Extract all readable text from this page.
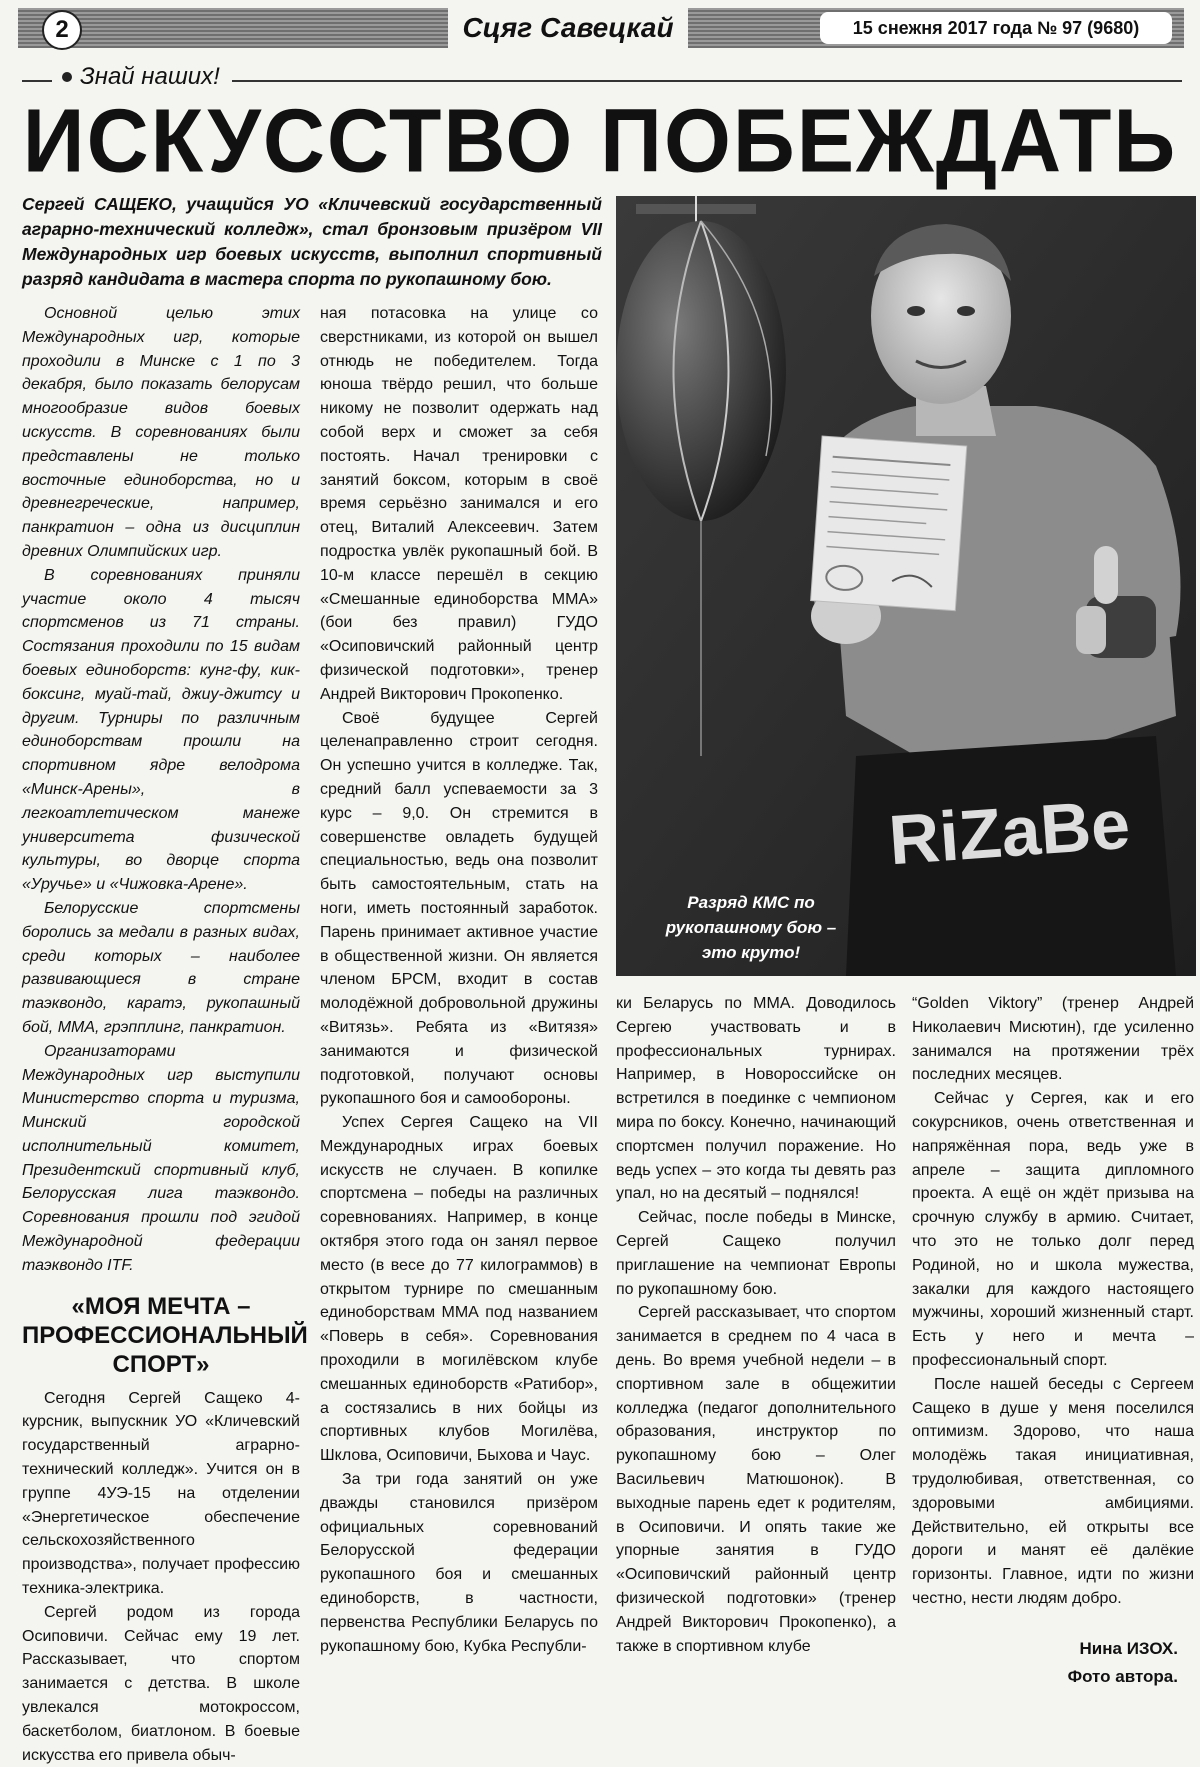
2	Сцяг Савецкай	15 снежня 2017 года № 97 (9680)
Знай наших!
ИСКУССТВО ПОБЕЖДАТЬ
Сергей САЩЕКО, учащийся УО «Кличевский государственный аграрно-технический колледж», стал бронзовым призёром VII Международных игр боевых искусств, выполнил спортивный разряд кандидата в мастера спорта по рукопашному бою.

Основной целью этих Международных игр, которые проходили в Минске с 1 по 3 декабря, было показать белорусам многообразие видов боевых искусств. В соревнованиях были представлены не только восточные единоборства, но и древнегреческие, например, панкратион – одна из дисциплин древних Олимпийских игр.

В соревнованиях приняли участие около 4 тысяч спортсменов из 71 страны. Состязания проходили по 15 видам боевых единоборств: кунг-фу, кик-боксинг, муай-тай, джиу-джитсу и другим. Турниры по различным единоборствам прошли на спортивном ядре велодрома «Минск-Арены», в легкоатлетическом манеже университета физической культуры, во дворце спорта «Уручье» и «Чижовка-Арене».

Белорусские спортсмены боролись за медали в разных видах, среди которых – наиболее развивающиеся в стране таэквондо, каратэ, рукопашный бой, ММА, грэпплинг, панкратион.

Организаторами Международных игр выступили Министерство спорта и туризма, Минский городской исполнительный комитет, Президентский спортивный клуб, Белорусская лига таэквондо. Соревнования прошли под эгидой Международной федерации таэквондо ITF.

«МОЯ МЕЧТА – ПРОФЕССИОНАЛЬНЫЙ СПОРТ»

Сегодня Сергей Сащеко 4-курсник, выпускник УО «Кличевский государственный аграрно-технический колледж». Учится он в группе 4УЭ-15 на отделении «Энергетическое обеспечение сельскохозяйственного производства», получает профессию техника-электрика.

Сергей родом из города Осиповичи. Сейчас ему 19 лет. Рассказывает, что спортом занимается с детства. В школе увлекался мотокроссом, баскетболом, биатлоном. В боевые искусства его привела обыч-

ная потасовка на улице со сверстниками, из которой он вышел отнюдь не победителем. Тогда юноша твёрдо решил, что больше никому не позволит одержать над собой верх и сможет за себя постоять. Начал тренировки с занятий боксом, которым в своё время серьёзно занимался и его отец, Виталий Алексеевич. Затем подростка увлёк рукопашный бой. В 10-м классе перешёл в секцию «Смешанные единоборства ММА» (бои без правил) ГУДО «Осиповичский районный центр физической подготовки», тренер Андрей Викторович Прокопенко.

Своё будущее Сергей целенаправленно строит сегодня. Он успешно учится в колледже. Так, средний балл успеваемости за 3 курс – 9,0. Он стремится в совершенстве овладеть будущей специальностью, ведь она позволит быть самостоятельным, стать на ноги, иметь постоянный заработок. Парень принимает активное участие в общественной жизни. Он является членом БРСМ, входит в состав молодёжной добровольной дружины «Витязь». Ребята из «Витязя» занимаются и физической подготовкой, получают основы рукопашного боя и самообороны.

Успех Сергея Сащеко на VII Международных играх боевых искусств не случаен. В копилке спортсмена – победы на различных соревнованиях. Например, в конце октября этого года он занял первое место (в весе до 77 килограммов) в открытом турнире по смешанным единоборствам ММА под названием «Поверь в себя». Соревнования проходили в могилёвском клубе смешанных единоборств «Ратибор», а состязались в них бойцы из спортивных клубов Могилёва, Шклова, Осиповичи, Быхова и Чаус.

За три года занятий он уже дважды становился призёром официальных соревнований Белорусской федерации рукопашного боя и смешанных единоборств, в частности, первенства Республики Беларусь по рукопашному бою, Кубка Республи-

RiZaBe
Разряд КМС по рукопашному бою – это круто!

ки Беларусь по ММА. Доводилось Сергею участвовать и в профессиональных турнирах. Например, в Новороссийске он встретился в поединке с чемпионом мира по боксу. Конечно, начинающий спортсмен получил поражение. Но ведь успех – это когда ты девять раз упал, но на десятый – поднялся!

Сейчас, после победы в Минске, Сергей Сащеко получил приглашение на чемпионат Европы по рукопашному бою.

Сергей рассказывает, что спортом занимается в среднем по 4 часа в день. Во время учебной недели – в спортивном зале в общежитии колледжа (педагог дополнительного образования, инструктор по рукопашному бою – Олег Васильевич Матюшонок). В выходные парень едет к родителям, в Осиповичи. И опять такие же упорные занятия в ГУДО «Осиповичский районный центр физической подготовки» (тренер Андрей Викторович Прокопенко), а также в спортивном клубе

“Golden Viktory” (тренер Андрей Николаевич Мисютин), где усиленно занимался на протяжении трёх последних месяцев.

Сейчас у Сергея, как и его сокурсников, очень ответственная и напряжённая пора, ведь уже в апреле – защита дипломного проекта. А ещё он ждёт призыва на срочную службу в армию. Считает, что это не только долг перед Родиной, но и школа мужества, закалки для каждого настоящего мужчины, хороший жизненный старт. Есть у него и мечта – профессиональный спорт.

После нашей беседы с Сергеем Сащеко в душе у меня поселился оптимизм. Здорово, что наша молодёжь такая инициативная, трудолюбивая, ответственная, со здоровыми амбициями. Действительно, ей открыты все дороги и манят её далёкие горизонты. Главное, идти по жизни честно, нести людям добро.

Нина ИЗОХ.
Фото автора.
